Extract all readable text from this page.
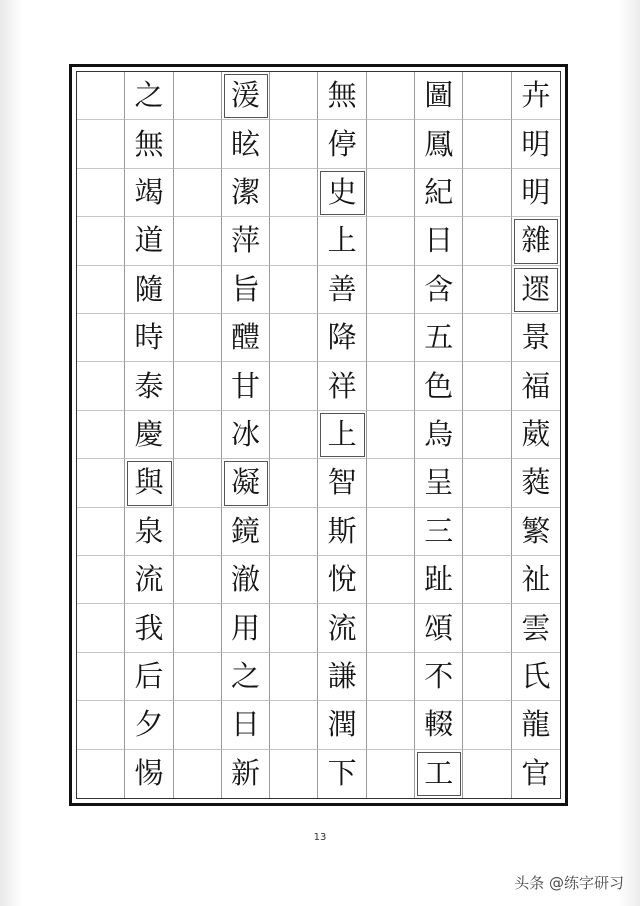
之	湲	無	圖	卉
無	眩	停	鳳	明
竭	潔	史	紀	明
道	萍	上	日	雜
隨	旨	善	含	遝
時	醴	降	五	景
泰	甘	祥	色	福
慶	冰	上	烏	葳
與	凝	智	呈	蕤
泉	鏡	斯	三	繁
流	澈	悅	趾	祉
我	用	流	頌	雲
后	之	謙	不	氏
夕	日	潤	輟	龍
惕	新	下	工	官
13
头条 @练字研习
